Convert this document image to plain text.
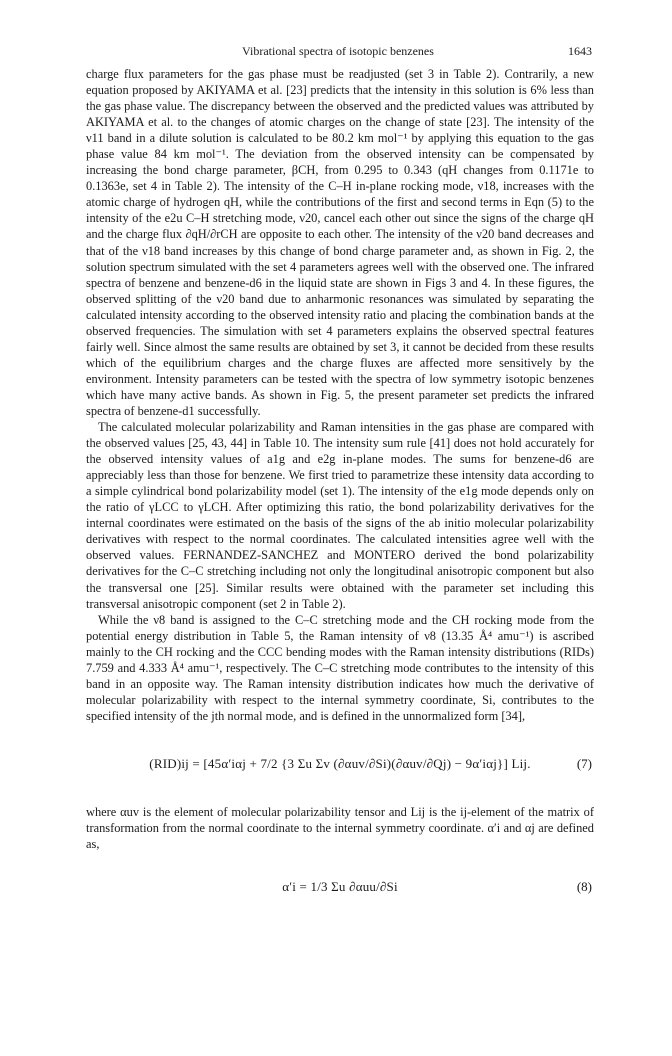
Vibrational spectra of isotopic benzenes	1643

charge flux parameters for the gas phase must be readjusted (set 3 in Table 2). Contrarily, a new equation proposed by AKIYAMA et al. [23] predicts that the intensity in this solution is 6% less than the gas phase value. The discrepancy between the observed and the predicted values was attributed by AKIYAMA et al. to the changes of atomic charges on the change of state [23]. The intensity of the ν11 band in a dilute solution is calculated to be 80.2 km mol⁻¹ by applying this equation to the gas phase value 84 km mol⁻¹. The deviation from the observed intensity can be compensated by increasing the bond charge parameter, βCH, from 0.295 to 0.343 (qH changes from 0.1171e to 0.1363e, set 4 in Table 2). The intensity of the C–H in-plane rocking mode, ν18, increases with the atomic charge of hydrogen qH, while the contributions of the first and second terms in Eqn (5) to the intensity of the e2u C–H stretching mode, ν20, cancel each other out since the signs of the charge qH and the charge flux ∂qH/∂rCH are opposite to each other. The intensity of the ν20 band decreases and that of the ν18 band increases by this change of bond charge parameter and, as shown in Fig. 2, the solution spectrum simulated with the set 4 parameters agrees well with the observed one. The infrared spectra of benzene and benzene-d6 in the liquid state are shown in Figs 3 and 4. In these figures, the observed splitting of the ν20 band due to anharmonic resonances was simulated by separating the calculated intensity according to the observed intensity ratio and placing the combination bands at the observed frequencies. The simulation with set 4 parameters explains the observed spectral features fairly well. Since almost the same results are obtained by set 3, it cannot be decided from these results which of the equilibrium charges and the charge fluxes are affected more sensitively by the environment. Intensity parameters can be tested with the spectra of low symmetry isotopic benzenes which have many active bands. As shown in Fig. 5, the present parameter set predicts the infrared spectra of benzene-d1 successfully.

The calculated molecular polarizability and Raman intensities in the gas phase are compared with the observed values [25, 43, 44] in Table 10. The intensity sum rule [41] does not hold accurately for the observed intensity values of a1g and e2g in-plane modes. The sums for benzene-d6 are appreciably less than those for benzene. We first tried to parametrize these intensity data according to a simple cylindrical bond polarizability model (set 1). The intensity of the e1g mode depends only on the ratio of γLCC to γLCH. After optimizing this ratio, the bond polarizability derivatives for the internal coordinates were estimated on the basis of the signs of the ab initio molecular polarizability derivatives with respect to the normal coordinates. The calculated intensities agree well with the observed values. FERNANDEZ-SANCHEZ and MONTERO derived the bond polarizability derivatives for the C–C stretching including not only the longitudinal anisotropic component but also the transversal one [25]. Similar results were obtained with the parameter set including this transversal anisotropic component (set 2 in Table 2).

While the ν8 band is assigned to the C–C stretching mode and the CH rocking mode from the potential energy distribution in Table 5, the Raman intensity of ν8 (13.35 Å⁴ amu⁻¹) is ascribed mainly to the CH rocking and the CCC bending modes with the Raman intensity distributions (RIDs) 7.759 and 4.333 Å⁴ amu⁻¹, respectively. The C–C stretching mode contributes to the intensity of this band in an opposite way. The Raman intensity distribution indicates how much the derivative of molecular polarizability with respect to the internal symmetry coordinate, Si, contributes to the specified intensity of the jth normal mode, and is defined in the unnormalized form [34],

(RID)ij = [45α′iαj + 7/2 {3 Σu Σv (∂αuv/∂Si)(∂αuv/∂Qj) − 9α′iαj}] Lij.	(7)

where αuv is the element of molecular polarizability tensor and Lij is the ij-element of the matrix of transformation from the normal coordinate to the internal symmetry coordinate. α′i and αj are defined as,

α′i = 1/3 Σu ∂αuu/∂Si	(8)
